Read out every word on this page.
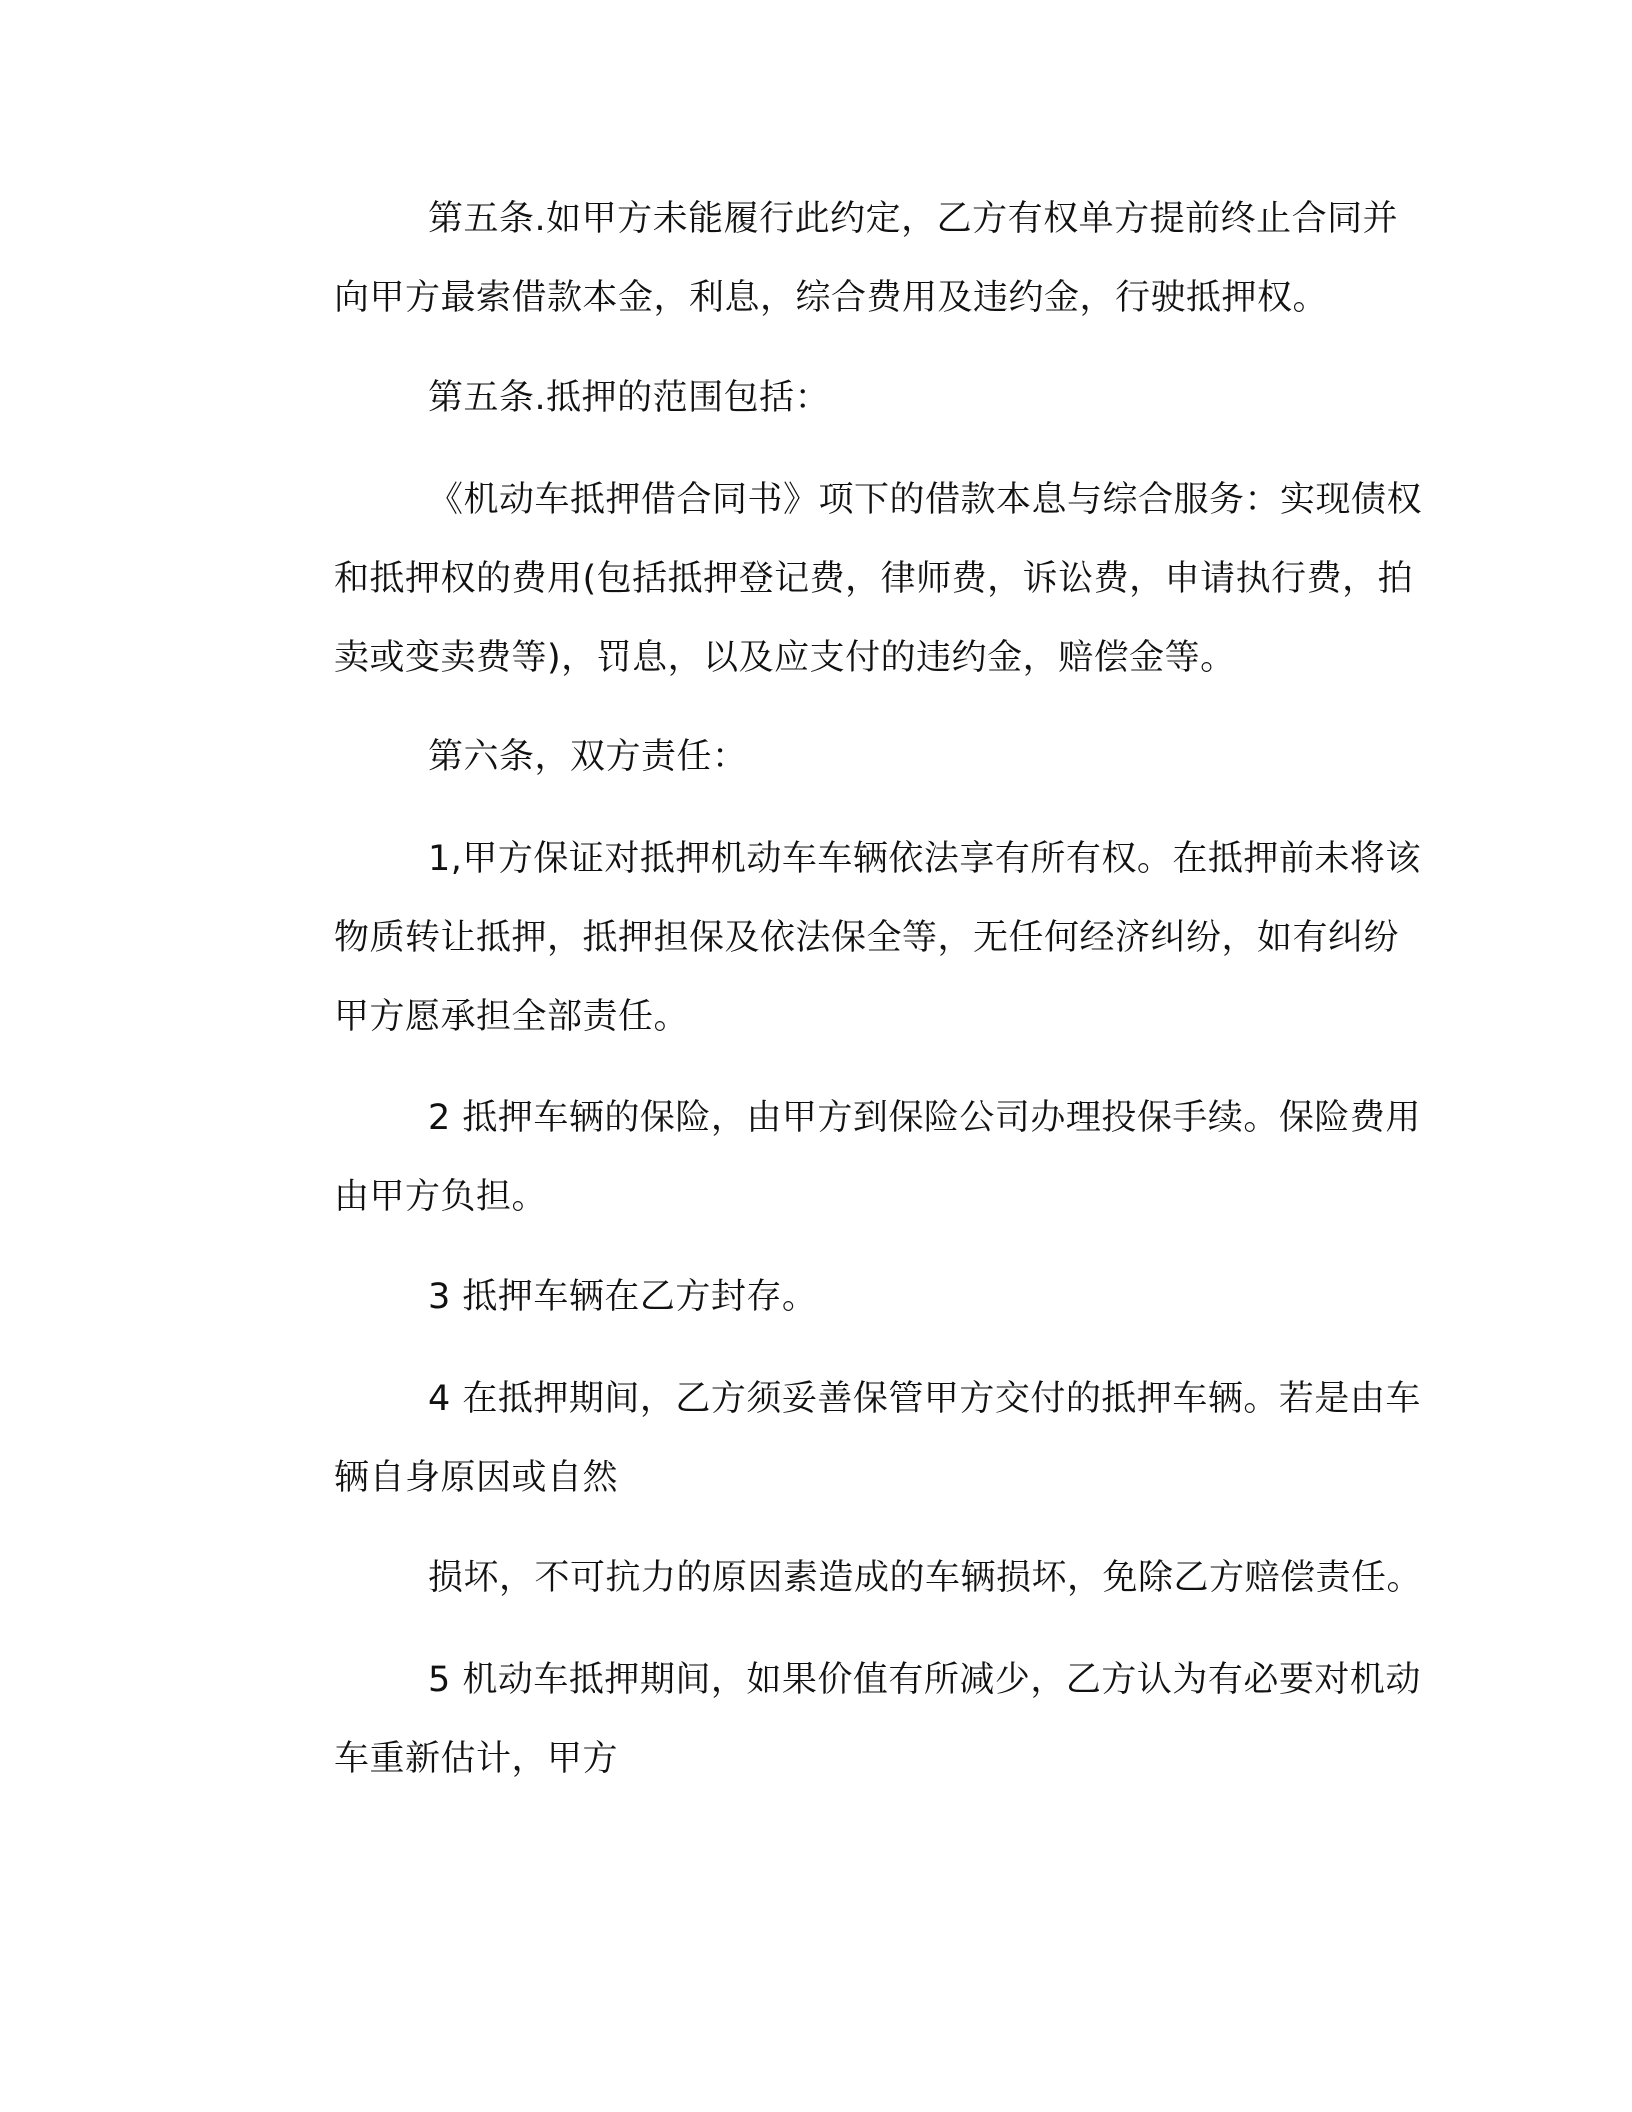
第五条.如甲方未能履行此约定，乙方有权单方提前终止合同并
向甲方最索借款本金，利息，综合费用及违约金，行驶抵押权。
第五条.抵押的范围包括：
《机动车抵押借合同书》项下的借款本息与综合服务：实现债权
和抵押权的费用(包括抵押登记费，律师费，诉讼费，申请执行费，拍
卖或变卖费等)，罚息，以及应支付的违约金，赔偿金等。
第六条，双方责任：
1,甲方保证对抵押机动车车辆依法享有所有权。在抵押前未将该
物质转让抵押，抵押担保及依法保全等，无任何经济纠纷，如有纠纷
甲方愿承担全部责任。
2 抵押车辆的保险，由甲方到保险公司办理投保手续。保险费用
由甲方负担。
3 抵押车辆在乙方封存。
4 在抵押期间，乙方须妥善保管甲方交付的抵押车辆。若是由车
辆自身原因或自然
损坏，不可抗力的原因素造成的车辆损坏，免除乙方赔偿责任。
5 机动车抵押期间，如果价值有所减少，乙方认为有必要对机动
车重新估计，甲方
